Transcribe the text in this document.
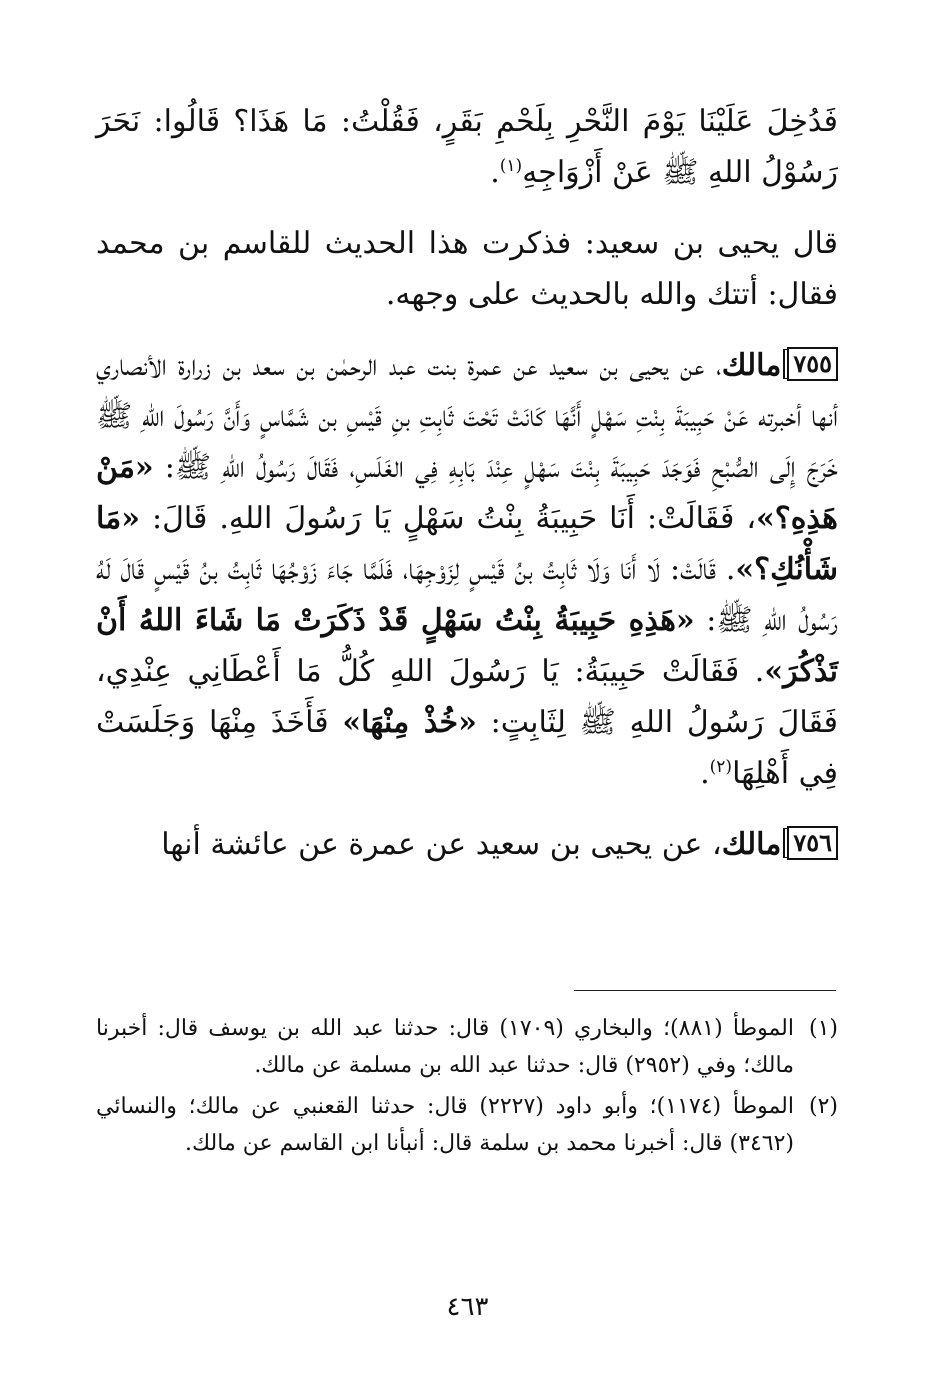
فَدُخِلَ عَلَيْنَا يَوْمَ النَّحْرِ بِلَحْمِ بَقَرٍ، فَقُلْتُ: مَا هَذَا؟ قَالُوا: نَحَرَ رَسُوْلُ اللهِ ﷺ عَنْ أَزْوَاجِهِ$^{(١)}$.

قال يحيى بن سعيد: فذكرت هذا الحديث للقاسم بن محمد فقال: أتتك والله بالحديث على وجهه.

٧٥٥مالك، عن يحيى بن سعيد عن عمرة بنت عبد الرحمٰن بن سعد بن زرارة الأنصاري أنها أخبرته عَنْ حَبِيبَةَ بِنْتِ سَهْلٍ أَنَّهَا كَانَتْ تَحْتَ ثَابِتِ بنِ قَيْسِ بن شَمَّاسٍ وَأَنَّ رَسُولَ اللهِ ﷺ خَرَجَ إِلَى الصُّبْحِ فَوَجَدَ حَبِيبَةَ بِنْتَ سَهْلٍ عِنْدَ بَابِهِ فِي الغَلَسِ، فَقَالَ رَسُولُ اللهِ ﷺ: «مَنْ هَذِهِ؟»، فَقَالَتْ: أَنَا حَبِيبَةُ بِنْتُ سَهْلٍ يَا رَسُولَ اللهِ. قَالَ: «مَا شَأْنُكِ؟». قَالَتْ: لَا أَنَا وَلَا ثَابِتُ بنُ قَيْسٍ لِزَوْجِهَا، فَلَمَّا جَاءَ زَوْجُهَا ثَابِتُ بنُ قَيْسٍ قَالَ لَهُ رَسُولُ اللهِ ﷺ: «هَذِهِ حَبِيبَةُ بِنْتُ سَهْلٍ قَدْ ذَكَرَتْ مَا شَاءَ اللهُ أَنْ تَذْكُرَ». فَقَالَتْ حَبِيبَةُ: يَا رَسُولَ اللهِ كُلُّ مَا أَعْطَانِي عِنْدِي، فَقَالَ رَسُولُ اللهِ ﷺ لِثَابِتٍ: «خُذْ مِنْهَا» فَأَخَذَ مِنْهَا وَجَلَسَتْ فِي أَهْلِهَا$^{(٢)}$.

٧٥٦مالك، عن يحيى بن سعيد عن عمرة عن عائشة أنها

(١)
الموطأ (٨٨١)؛ والبخاري (١٧٠٩) قال: حدثنا عبد الله بن يوسف قال: أخبرنا مالك؛ وفي (٢٩٥٢) قال: حدثنا عبد الله بن مسلمة عن مالك.
(٢)
الموطأ (١١٧٤)؛ وأبو داود (٢٢٢٧) قال: حدثنا القعنبي عن مالك؛ والنسائي (٣٤٦٢) قال: أخبرنا محمد بن سلمة قال: أنبأنا ابن القاسم عن مالك.
٤٦٣
